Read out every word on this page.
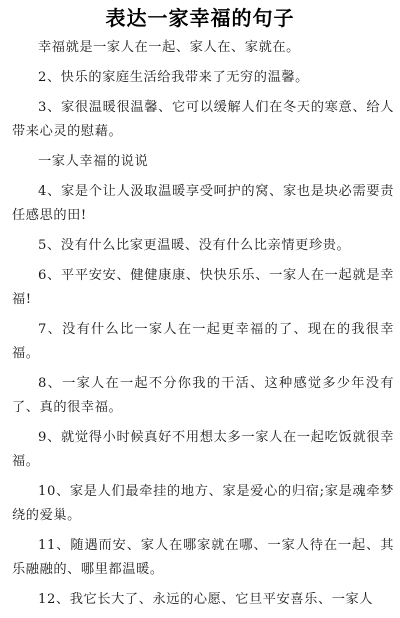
表达一家幸福的句子

幸福就是一家人在一起、家人在、家就在。

2、快乐的家庭生活给我带来了无穷的温馨。

3、家很温暖很温馨、它可以缓解人们在冬天的寒意、给人带来心灵的慰藉。

一家人幸福的说说

4、家是个让人汲取温暖享受呵护的窝、家也是块必需要责任感思的田!

5、没有什么比家更温暖、没有什么比亲情更珍贵。

6、平平安安、健健康康、快快乐乐、一家人在一起就是幸福!

7、没有什么比一家人在一起更幸福的了、现在的我很幸福。

8、一家人在一起不分你我的干活、这种感觉多少年没有了、真的很幸福。

9、就觉得小时候真好不用想太多一家人在一起吃饭就很幸福。

10、家是人们最牵挂的地方、家是爱心的归宿;家是魂牵梦绕的爱巢。

11、随遇而安、家人在哪家就在哪、一家人待在一起、其乐融融的、哪里都温暖。

12、我它长大了、永远的心愿、它旦平安喜乐、一家人
